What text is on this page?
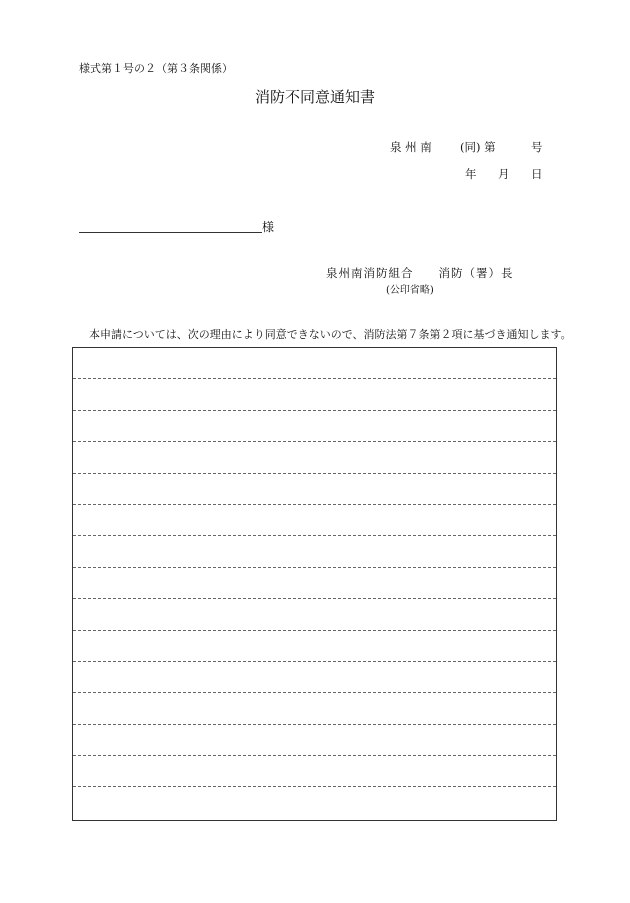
様式第１号の２（第３条関係）
消防不同意通知書
泉 州 南 (同) 第	号
年 月 日
様
泉州南消防組合　　消防（署）長
(公印省略)
本申請については、次の理由により同意できないので、消防法第７条第２項に基づき通知します。
